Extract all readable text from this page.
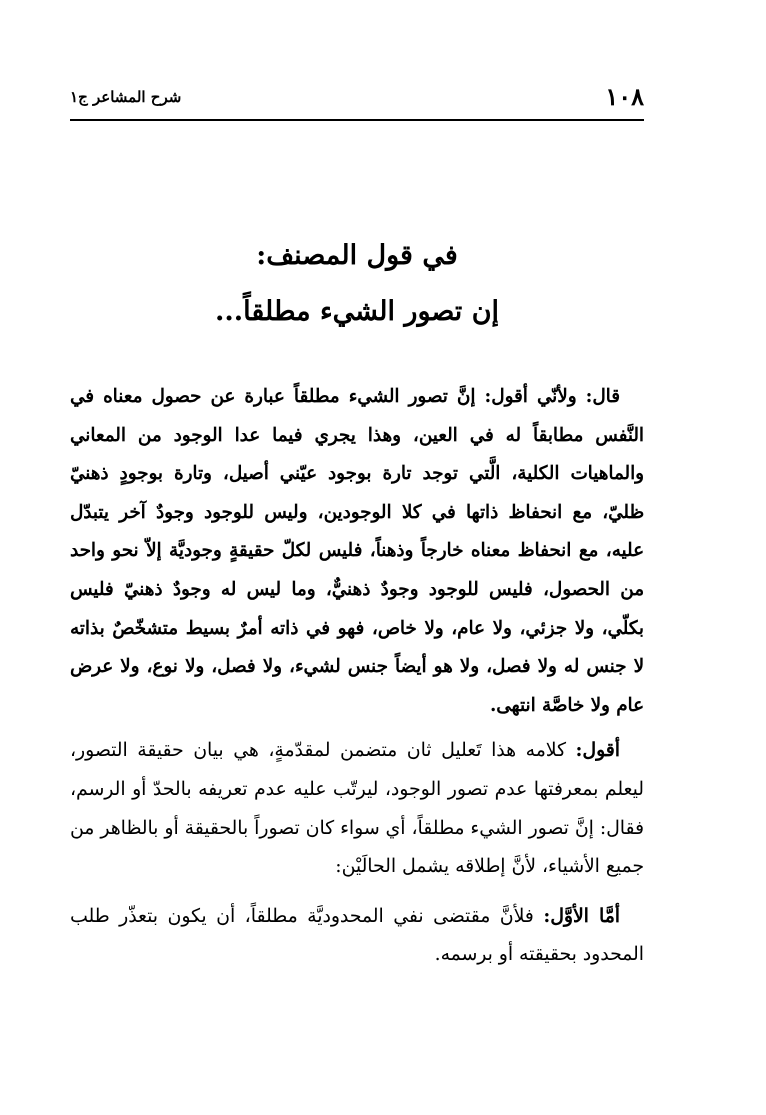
١٠٨
شرح المشاعر ج١
في قول المصنف:
إن تصور الشيء مطلقاً...

قال: ولأنّي أقول: إنَّ تصور الشيء مطلقاً عبارة عن حصول معناه في النَّفس مطابقاً له في العين، وهذا يجري فيما عدا الوجود من المعاني والماهيات الكلية، الَّتي توجد تارة بوجود عيّني أصيل، وتارة بوجودٍ ذهنيّ ظليّ، مع انحفاظ ذاتها في كلا الوجودين، وليس للوجود وجودٌ آخر يتبدّل عليه، مع انحفاظ معناه خارجاً وذهناً، فليس لكلّ حقيقةٍ وجوديَّة إلاّ نحو واحد من الحصول، فليس للوجود وجودٌ ذهنيٌّ، وما ليس له وجودٌ ذهنيّ فليس بكلّي، ولا جزئي، ولا عام، ولا خاص، فهو في ذاته أمرٌ بسيط متشخّصٌ بذاته لا جنس له ولا فصل، ولا هو أيضاً جنس لشيء، ولا فصل، ولا نوع، ولا عرض عام ولا خاصَّة انتهى.

أقول: كلامه هذا تَعليل ثان متضمن لمقدّمةٍ، هي بيان حقيقة التصور، ليعلم بمعرفتها عدم تصور الوجود، ليرتّب عليه عدم تعريفه بالحدّ أو الرسم، فقال: إنَّ تصور الشيء مطلقاً، أي سواء كان تصوراً بالحقيقة أو بالظاهر من جميع الأشياء، لأنَّ إطلاقه يشمل الحالَيْن:

أمَّا الأوَّل: فلأنَّ مقتضى نفي المحدوديَّة مطلقاً، أن يكون بتعذّر طلب المحدود بحقيقته أو برسمه.
